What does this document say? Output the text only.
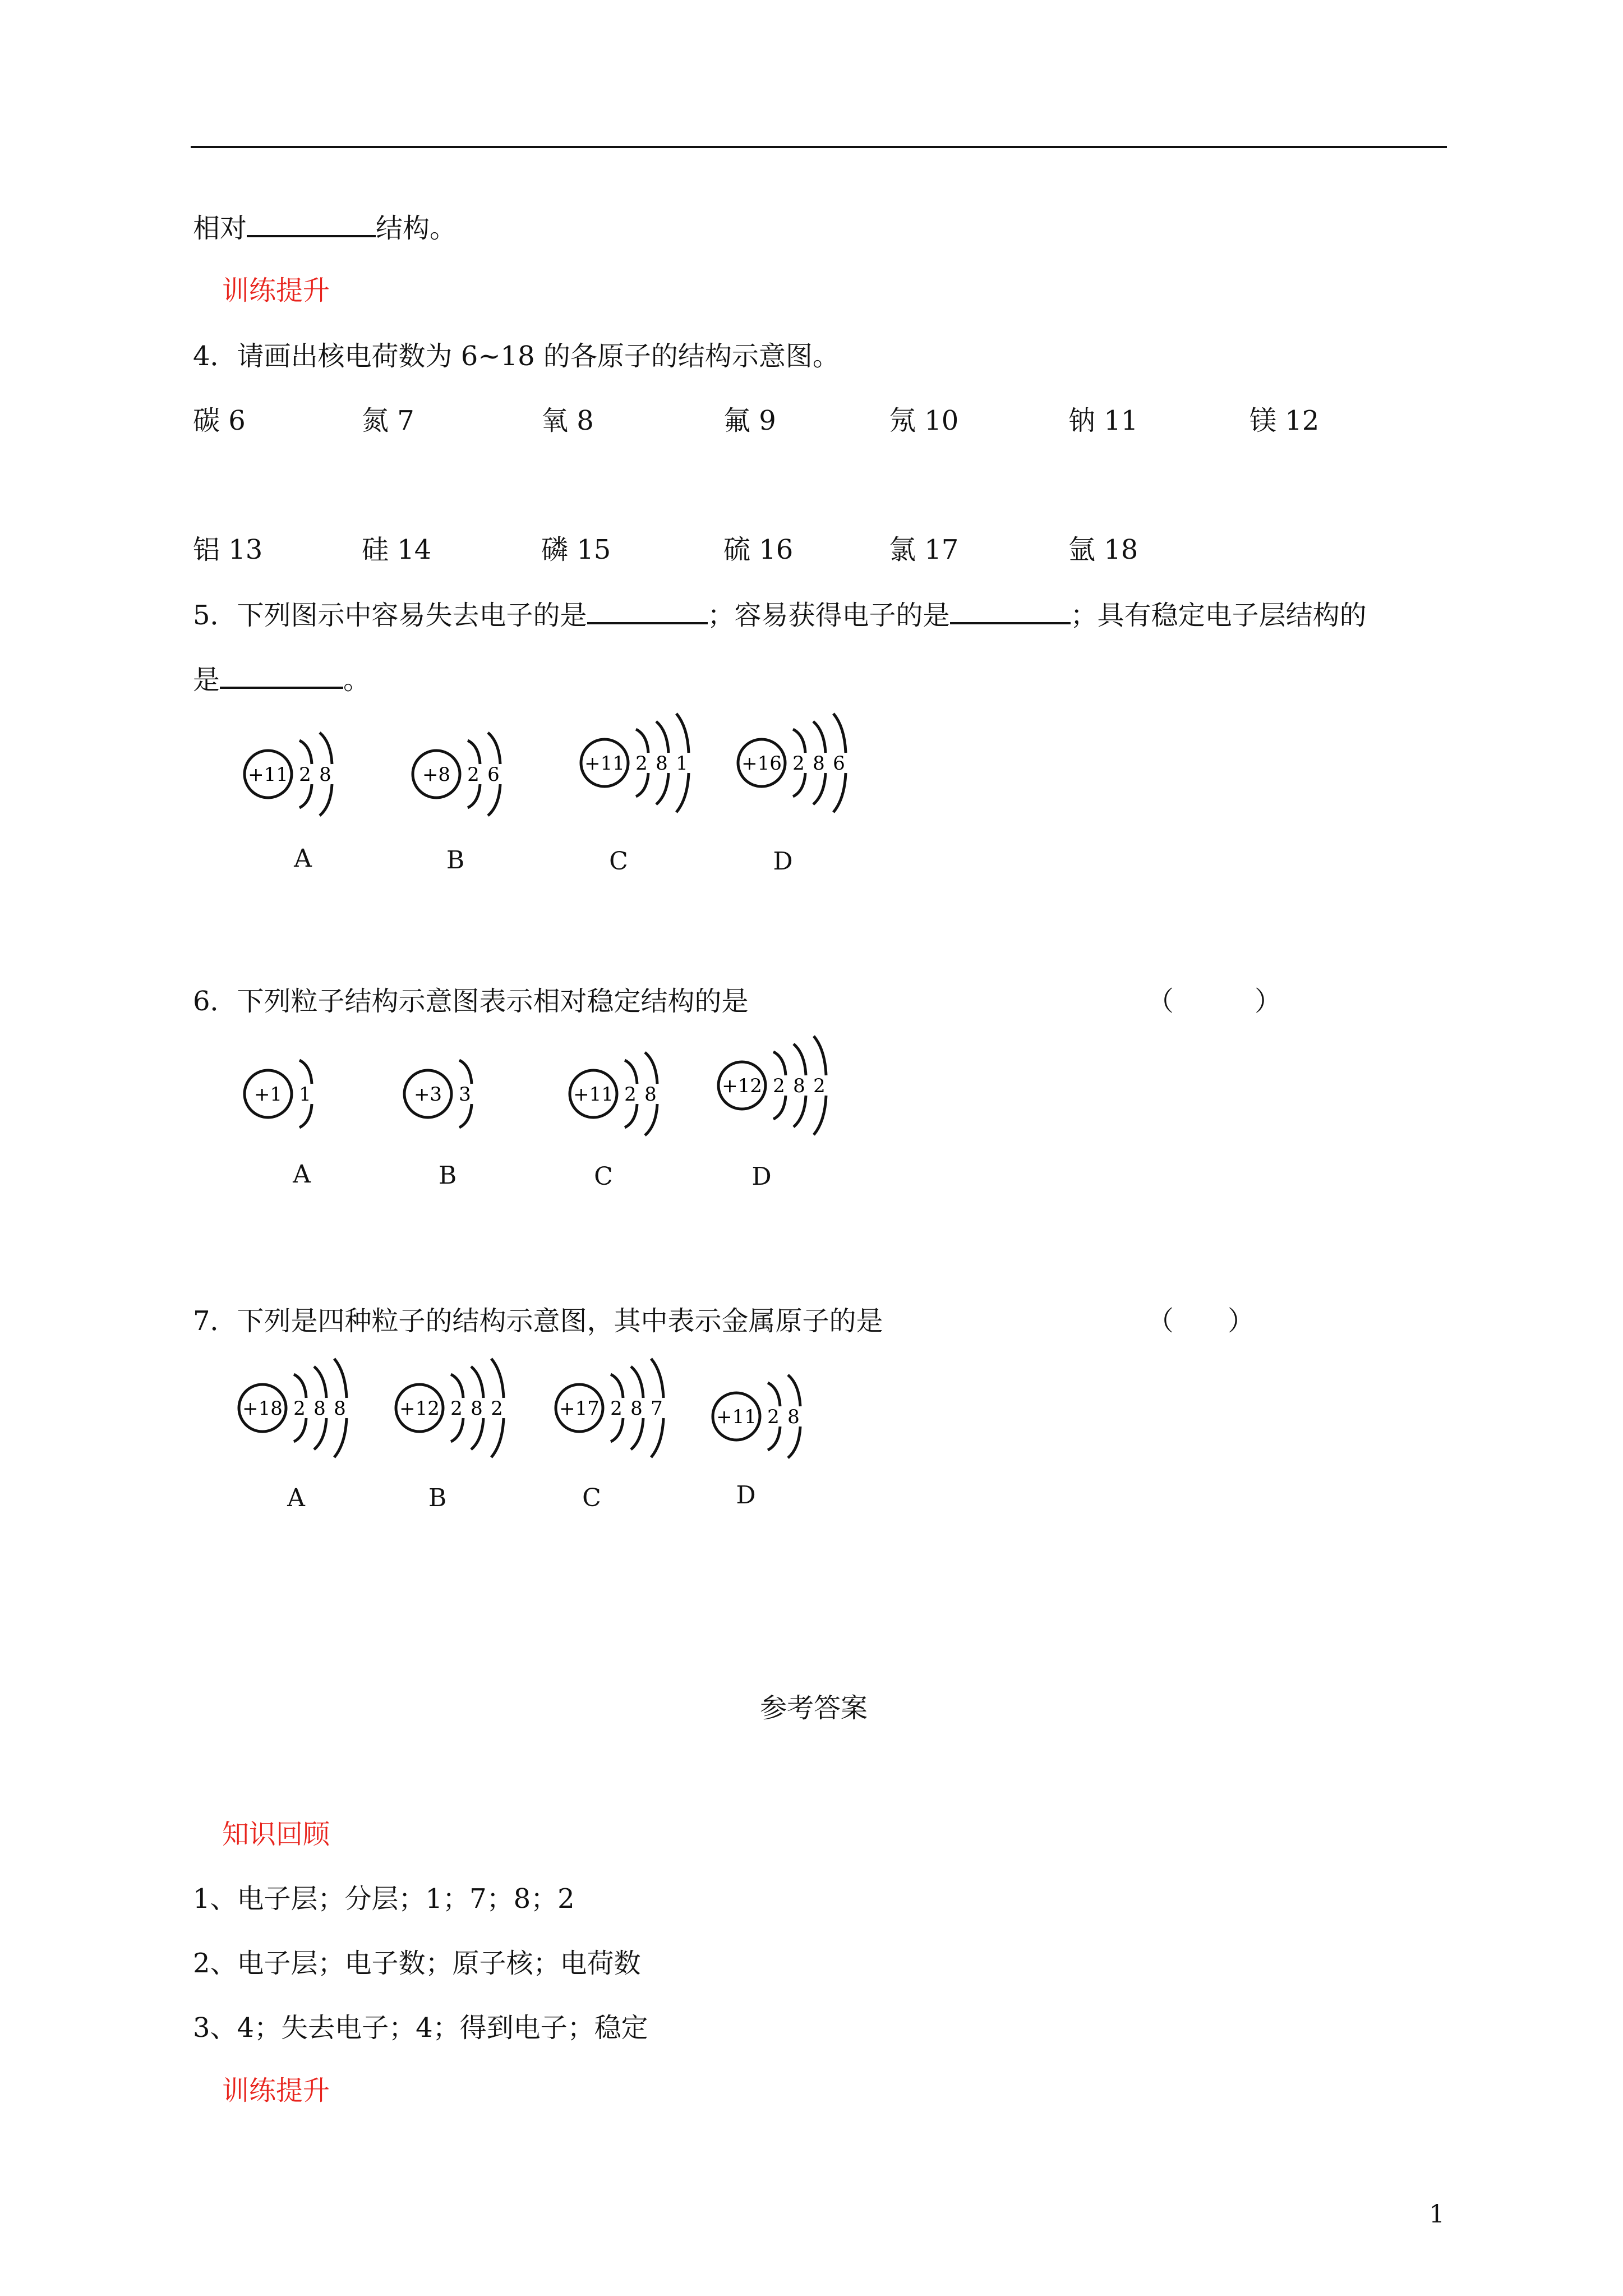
相对	结构。
训练提升
4．请画出核电荷数为 6~18 的各原子的结构示意图。
碳 6	氮 7	氧 8	氟 9	氖 10	钠 11	镁 12
铝 13	硅 14	磷 15	硫 16	氯 17	氩 18
5．下列图示中容易失去电子的是	；容易获得电子的是	；具有稳定电子层结构的
是	。
+11 2 8	+8 2 6	+11 2 8 1	+16 2 8 6
A	B	C	D
6．下列粒子结构示意图表示相对稳定结构的是	（　　　）
+1 1	+3 3	+11 2 8	+12 2 8 2
A	B	C	D
7．下列是四种粒子的结构示意图，其中表示金属原子的是	（　　）
+18 2 8 8	+12 2 8 2	+17 2 8 7	+11 2 8
A	B	C	D
参考答案
知识回顾
1、电子层；分层；1；7；8；2
2、电子层；电子数；原子核；电荷数
3、4；失去电子；4；得到电子；稳定
训练提升
1
